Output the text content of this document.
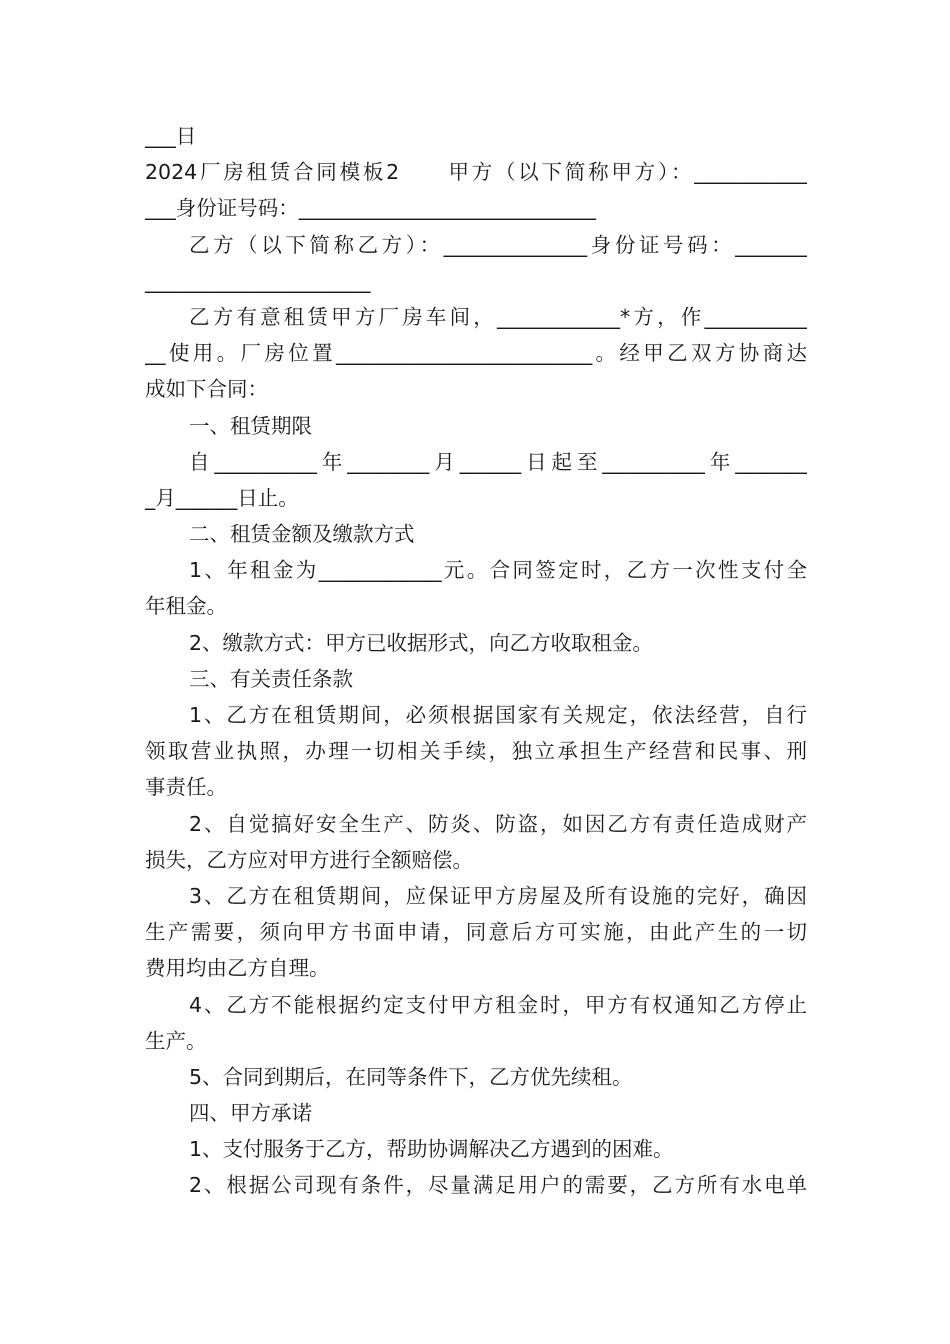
___日
2024厂房租赁合同模板2　　甲方（以下简称甲方）：___________
___身份证号码：_____________________________
乙方（以下简称乙方）：______________身份证号码：_______
______________________
乙方有意租赁甲方厂房车间，____________*方，作__________
__使用。厂房位置_________________________。经甲乙双方协商达
成如下合同：
一、租赁期限
自__________年________月______日起至__________年_______
_月______日止。
二、租赁金额及缴款方式
1、年租金为____________元。合同签定时，乙方一次性支付全
年租金。
2、缴款方式：甲方已收据形式，向乙方收取租金。
三、有关责任条款
1、乙方在租赁期间，必须根据国家有关规定，依法经营，自行
领取营业执照，办理一切相关手续，独立承担生产经营和民事、刑
事责任。
2、自觉搞好安全生产、防炎、防盗，如因乙方有责任造成财产
损失，乙方应对甲方进行全额赔偿。
3、乙方在租赁期间，应保证甲方房屋及所有设施的完好，确因
生产需要，须向甲方书面申请，同意后方可实施，由此产生的一切
费用均由乙方自理。
4、乙方不能根据约定支付甲方租金时，甲方有权通知乙方停止
生产。
5、合同到期后，在同等条件下，乙方优先续租。
四、甲方承诺
1、支付服务于乙方，帮助协调解决乙方遇到的困难。
2、根据公司现有条件，尽量满足用户的需要，乙方所有水电单
